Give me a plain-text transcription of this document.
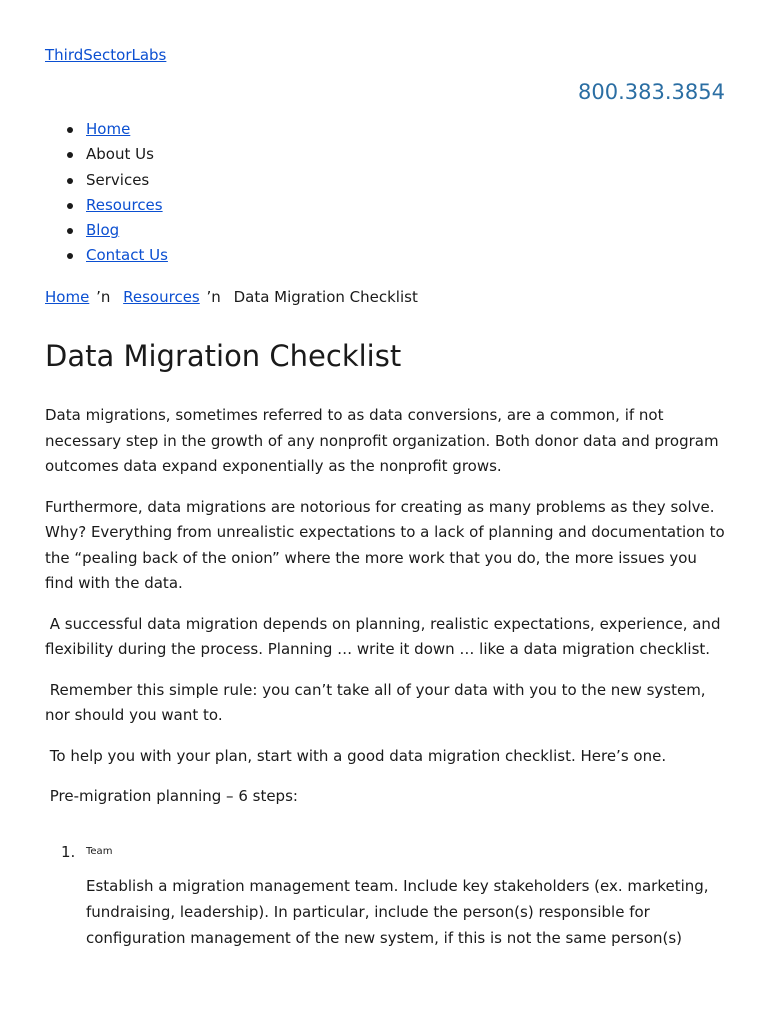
ThirdSectorLabs
800.383.3854
Home
About Us
Services
Resources
Blog
Contact Us
Home ’n Resources ’n Data Migration Checklist
Data Migration Checklist

Data migrations, sometimes referred to as data conversions, are a common, if not necessary step in the growth of any nonprofit organization. Both donor data and program outcomes data expand exponentially as the nonprofit grows.

Furthermore, data migrations are notorious for creating as many problems as they solve. Why? Everything from unrealistic expectations to a lack of planning and documentation to the “pealing back of the onion” where the more work that you do, the more issues you find with the data.

A successful data migration depends on planning, realistic expectations, experience, and flexibility during the process. Planning … write it down … like a data migration checklist.

Remember this simple rule: you can’t take all of your data with you to the new system, nor should you want to.

To help you with your plan, start with a good data migration checklist. Here’s one.

Pre-migration planning – 6 steps:

1. Team

Establish a migration management team. Include key stakeholders (ex. marketing, fundraising, leadership). In particular, include the person(s) responsible for configuration management of the new system, if this is not the same person(s)
